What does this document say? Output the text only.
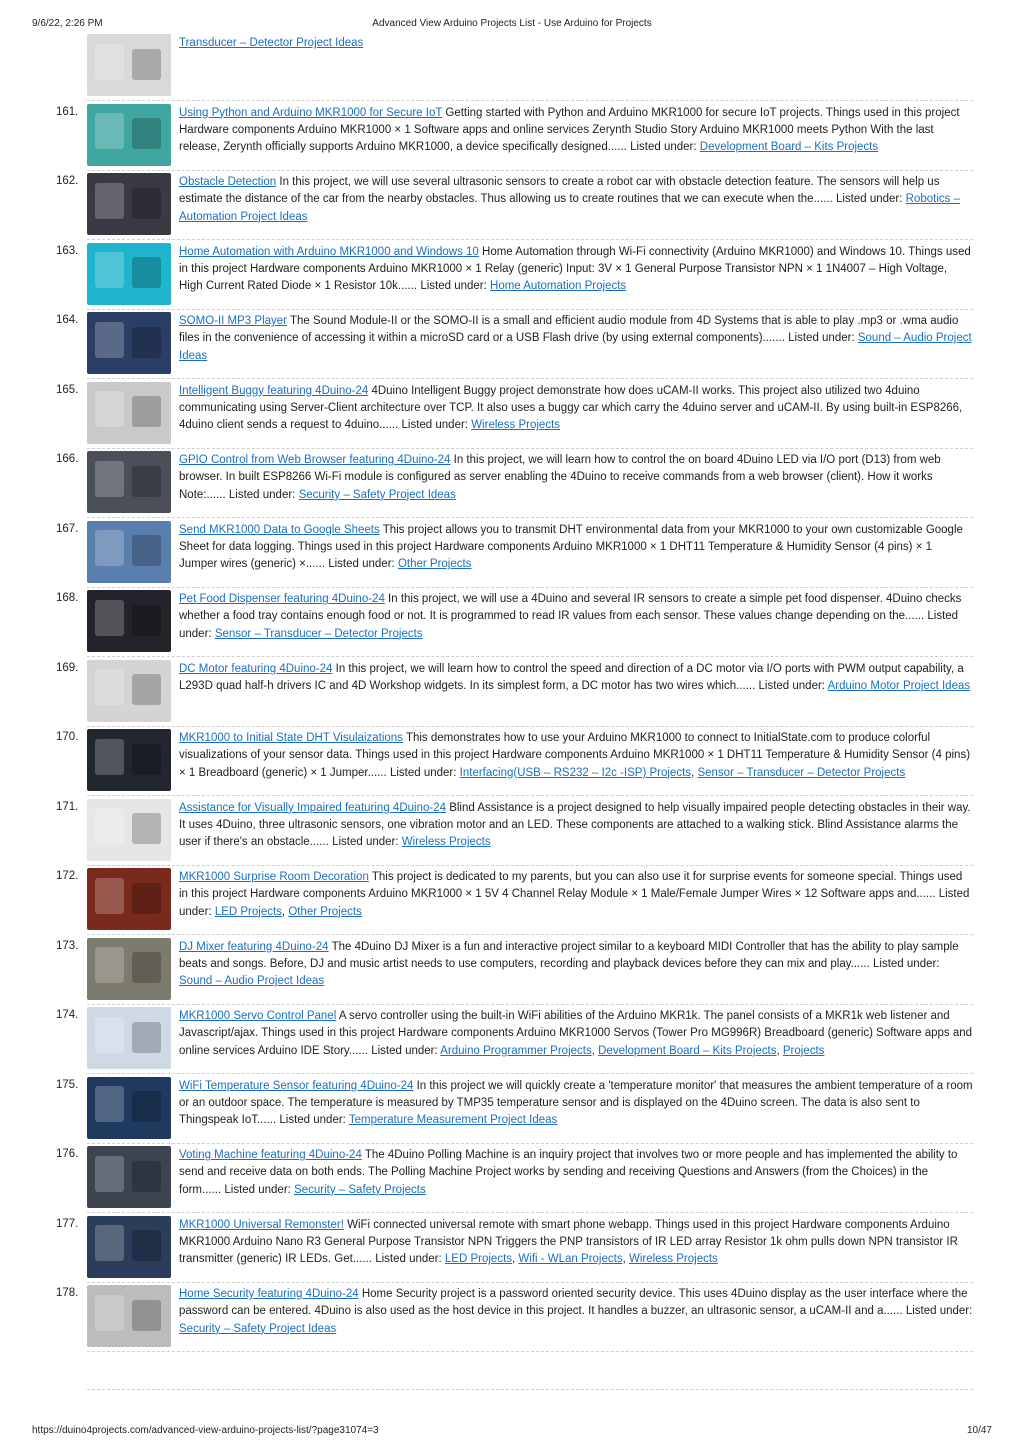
9/6/22, 2:26 PM	Advanced View Arduino Projects List - Use Arduino for Projects
Transducer – Detector Project Ideas
161.	Using Python and Arduino MKR1000 for Secure IoT Getting started with Python and Arduino MKR1000 for secure IoT projects. Things used in this project Hardware components Arduino MKR1000 × 1 Software apps and online services Zerynth Studio Story Arduino MKR1000 meets Python With the last release, Zerynth officially supports Arduino MKR1000, a device specifically designed...... Listed under: Development Board – Kits Projects
162.	Obstacle Detection In this project, we will use several ultrasonic sensors to create a robot car with obstacle detection feature. The sensors will help us estimate the distance of the car from the nearby obstacles. Thus allowing us to create routines that we can execute when the...... Listed under: Robotics – Automation Project Ideas
163.	Home Automation with Arduino MKR1000 and Windows 10 Home Automation through Wi-Fi connectivity (Arduino MKR1000) and Windows 10. Things used in this project Hardware components Arduino MKR1000 × 1 Relay (generic) Input: 3V × 1 General Purpose Transistor NPN × 1 1N4007 – High Voltage, High Current Rated Diode × 1 Resistor 10k...... Listed under: Home Automation Projects
164.	SOMO-II MP3 Player The Sound Module-II or the SOMO-II is a small and efficient audio module from 4D Systems that is able to play .mp3 or .wma audio files in the convenience of accessing it within a microSD card or a USB Flash drive (by using external components)....... Listed under: Sound – Audio Project Ideas
165.	Intelligent Buggy featuring 4Duino-24 4Duino Intelligent Buggy project demonstrate how does uCAM-II works. This project also utilized two 4duino communicating using Server-Client architecture over TCP. It also uses a buggy car which carry the 4duino server and uCAM-II. By using built-in ESP8266, 4duino client sends a request to 4duino...... Listed under: Wireless Projects
166.	GPIO Control from Web Browser featuring 4Duino-24 In this project, we will learn how to control the on board 4Duino LED via I/O port (D13) from web browser. In built ESP8266 Wi-Fi module is configured as server enabling the 4Duino to receive commands from a web browser (client). How it works Note:...... Listed under: Security – Safety Project Ideas
167.	Send MKR1000 Data to Google Sheets This project allows you to transmit DHT environmental data from your MKR1000 to your own customizable Google Sheet for data logging. Things used in this project Hardware components Arduino MKR1000 × 1 DHT11 Temperature & Humidity Sensor (4 pins) × 1 Jumper wires (generic) ×...... Listed under: Other Projects
168.	Pet Food Dispenser featuring 4Duino-24 In this project, we will use a 4Duino and several IR sensors to create a simple pet food dispenser. 4Duino checks whether a food tray contains enough food or not. It is programmed to read IR values from each sensor. These values change depending on the...... Listed under: Sensor – Transducer – Detector Projects
169.	DC Motor featuring 4Duino-24 In this project, we will learn how to control the speed and direction of a DC motor via I/O ports with PWM output capability, a L293D quad half-h drivers IC and 4D Workshop widgets. In its simplest form, a DC motor has two wires which...... Listed under: Arduino Motor Project Ideas
170.	MKR1000 to Initial State DHT Visulaizations This demonstrates how to use your Arduino MKR1000 to connect to InitialState.com to produce colorful visualizations of your sensor data. Things used in this project Hardware components Arduino MKR1000 × 1 DHT11 Temperature & Humidity Sensor (4 pins) × 1 Breadboard (generic) × 1 Jumper...... Listed under: Interfacing(USB – RS232 – I2c -ISP) Projects, Sensor – Transducer – Detector Projects
171.	Assistance for Visually Impaired featuring 4Duino-24 Blind Assistance is a project designed to help visually impaired people detecting obstacles in their way. It uses 4Duino, three ultrasonic sensors, one vibration motor and an LED. These components are attached to a walking stick. Blind Assistance alarms the user if there's an obstacle...... Listed under: Wireless Projects
172.	MKR1000 Surprise Room Decoration This project is dedicated to my parents, but you can also use it for surprise events for someone special. Things used in this project Hardware components Arduino MKR1000 × 1 5V 4 Channel Relay Module × 1 Male/Female Jumper Wires × 12 Software apps and...... Listed under: LED Projects, Other Projects
173.	DJ Mixer featuring 4Duino-24 The 4Duino DJ Mixer is a fun and interactive project similar to a keyboard MIDI Controller that has the ability to play sample beats and songs. Before, DJ and music artist needs to use computers, recording and playback devices before they can mix and play...... Listed under: Sound – Audio Project Ideas
174.	MKR1000 Servo Control Panel A servo controller using the built-in WiFi abilities of the Arduino MKR1k. The panel consists of a MKR1k web listener and Javascript/ajax. Things used in this project Hardware components Arduino MKR1000 Servos (Tower Pro MG996R) Breadboard (generic) Software apps and online services Arduino IDE Story...... Listed under: Arduino Programmer Projects, Development Board – Kits Projects, Projects
175.	WiFi Temperature Sensor featuring 4Duino-24 In this project we will quickly create a 'temperature monitor' that measures the ambient temperature of a room or an outdoor space. The temperature is measured by TMP35 temperature sensor and is displayed on the 4Duino screen. The data is also sent to Thingspeak IoT...... Listed under: Temperature Measurement Project Ideas
176.	Voting Machine featuring 4Duino-24 The 4Duino Polling Machine is an inquiry project that involves two or more people and has implemented the ability to send and receive data on both ends. The Polling Machine Project works by sending and receiving Questions and Answers (from the Choices) in the form...... Listed under: Security – Safety Projects
177.	MKR1000 Universal Remonster! WiFi connected universal remote with smart phone webapp. Things used in this project Hardware components Arduino MKR1000 Arduino Nano R3 General Purpose Transistor NPN Triggers the PNP transistors of IR LED array Resistor 1k ohm pulls down NPN transistor IR transmitter (generic) IR LEDs. Get...... Listed under: LED Projects, Wifi - WLan Projects, Wireless Projects
178.	Home Security featuring 4Duino-24 Home Security project is a password oriented security device. This uses 4Duino display as the user interface where the password can be entered. 4Duino is also used as the host device in this project. It handles a buzzer, an ultrasonic sensor, a uCAM-II and a...... Listed under: Security – Safety Project Ideas
https://duino4projects.com/advanced-view-arduino-projects-list/?page31074=3	10/47
